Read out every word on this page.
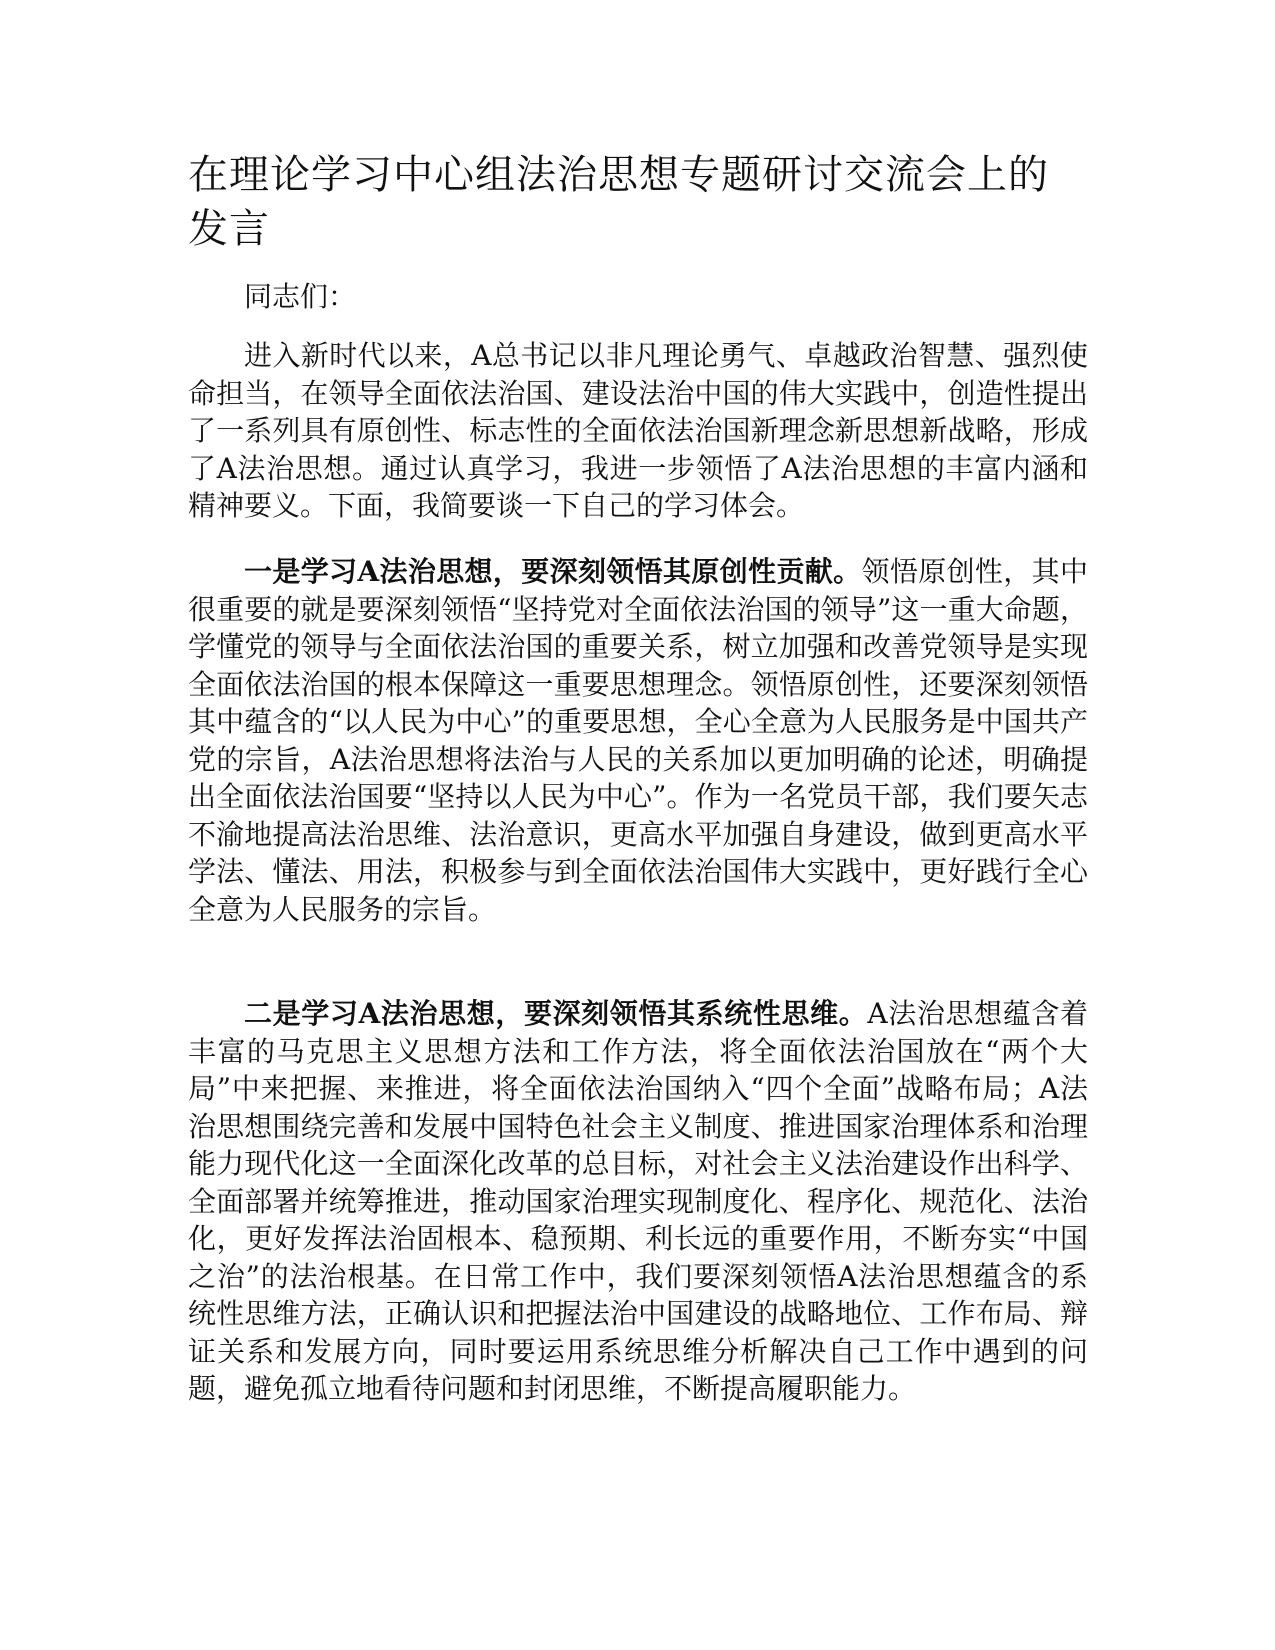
在理论学习中心组法治思想专题研讨交流会上的发言

同志们：

进入新时代以来，A总书记以非凡理论勇气、卓越政治智慧、强烈使命担当，在领导全面依法治国、建设法治中国的伟大实践中，创造性提出了一系列具有原创性、标志性的全面依法治国新理念新思想新战略，形成了A法治思想。通过认真学习，我进一步领悟了A法治思想的丰富内涵和精神要义。下面，我简要谈一下自己的学习体会。

一是学习A法治思想，要深刻领悟其原创性贡献。领悟原创性，其中很重要的就是要深刻领悟“坚持党对全面依法治国的领导”这一重大命题，学懂党的领导与全面依法治国的重要关系，树立加强和改善党领导是实现全面依法治国的根本保障这一重要思想理念。领悟原创性，还要深刻领悟其中蕴含的“以人民为中心”的重要思想，全心全意为人民服务是中国共产党的宗旨，A法治思想将法治与人民的关系加以更加明确的论述，明确提出全面依法治国要“坚持以人民为中心”。作为一名党员干部，我们要矢志不渝地提高法治思维、法治意识，更高水平加强自身建设，做到更高水平学法、懂法、用法，积极参与到全面依法治国伟大实践中，更好践行全心全意为人民服务的宗旨。

二是学习A法治思想，要深刻领悟其系统性思维。A法治思想蕴含着丰富的马克思主义思想方法和工作方法，将全面依法治国放在“两个大局”中来把握、来推进，将全面依法治国纳入“四个全面”战略布局；A法治思想围绕完善和发展中国特色社会主义制度、推进国家治理体系和治理能力现代化这一全面深化改革的总目标，对社会主义法治建设作出科学、全面部署并统筹推进，推动国家治理实现制度化、程序化、规范化、法治化，更好发挥法治固根本、稳预期、利长远的重要作用，不断夯实“中国之治”的法治根基。在日常工作中，我们要深刻领悟A法治思想蕴含的系统性思维方法，正确认识和把握法治中国建设的战略地位、工作布局、辩证关系和发展方向，同时要运用系统思维分析解决自己工作中遇到的问题，避免孤立地看待问题和封闭思维，不断提高履职能力。
